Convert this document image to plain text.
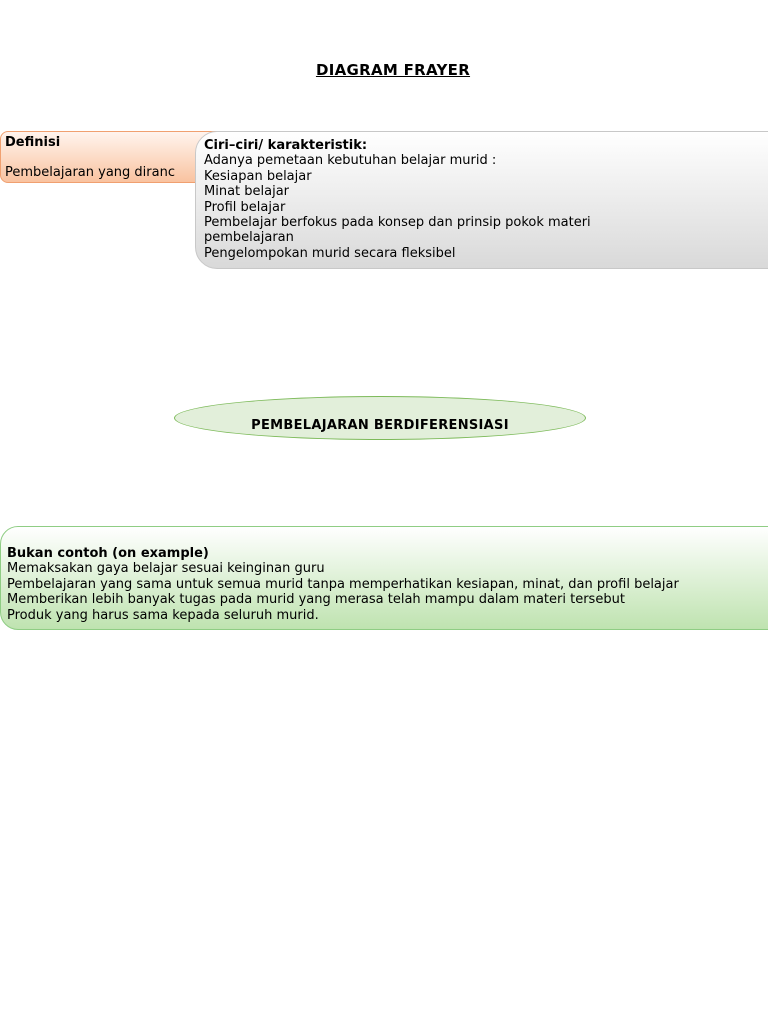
DIAGRAM FRAYER
Definisi
Pembelajaran yang diranc
Ciri–ciri/ karakteristik:
Adanya pemetaan kebutuhan belajar murid :
Kesiapan belajar
Minat belajar
Profil belajar
Pembelajar berfokus pada konsep dan prinsip pokok materi
pembelajaran
Pengelompokan murid secara fleksibel
PEMBELAJARAN BERDIFERENSIASI
Bukan contoh (on example)
Memaksakan gaya belajar sesuai keinginan guru
Pembelajaran yang sama untuk semua murid tanpa memperhatikan kesiapan, minat, dan profil belajar
Memberikan lebih banyak tugas pada murid yang merasa telah mampu dalam materi tersebut
Produk yang harus sama kepada seluruh murid.
